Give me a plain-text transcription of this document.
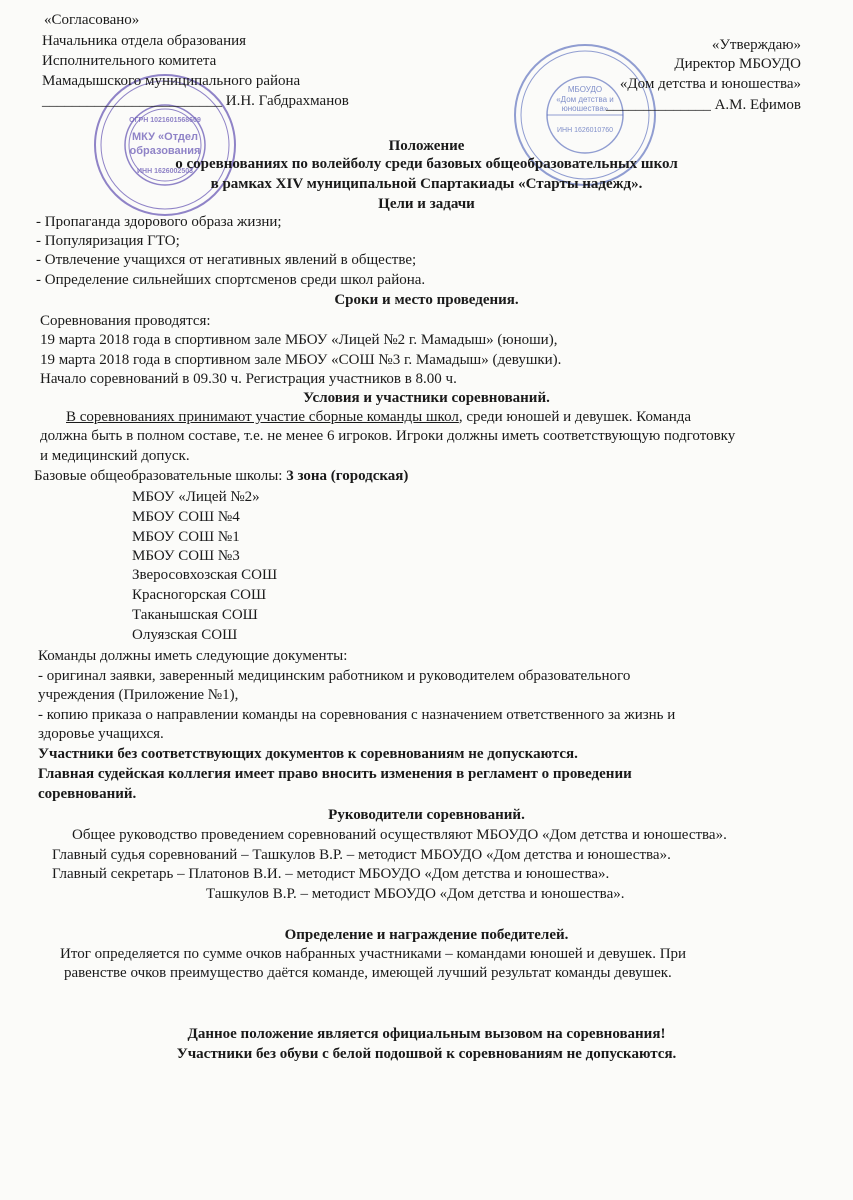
МКУ «Отдел
образования
ОГРН 1021601568609
ИНН 1626002503
МБОУДО
«Дом детства и
юношества»
ИНН 1626010760
«Согласовано»
Начальника отдела образования
Исполнительного комитета
Мамадышского муниципального района
________________________ И.Н. Габдрахманов
«Утверждаю»
Директор МБОУДО
«Дом детства и юношества»
______________ А.М. Ефимов
Положение
о соревнованиях по волейболу среди базовых общеобразовательных школ
в рамках XIV муниципальной Спартакиады «Старты надежд».
Цели и задачи
- Пропаганда здорового образа жизни;
- Популяризация ГТО;
- Отвлечение учащихся от негативных явлений в обществе;
- Определение сильнейших спортсменов среди школ района.
Сроки и место проведения.
Соревнования проводятся:
19 марта 2018 года в спортивном зале МБОУ «Лицей №2 г. Мамадыш» (юноши),
19 марта 2018 года в спортивном зале МБОУ «СОШ №3 г. Мамадыш» (девушки).
Начало соревнований в 09.30 ч. Регистрация участников в 8.00 ч.
Условия и участники соревнований.
В соревнованиях принимают участие сборные команды школ, среди юношей и девушек. Команда
должна быть в полном составе, т.е. не менее 6 игроков. Игроки должны иметь соответствующую подготовку
и медицинский допуск.
Базовые общеобразовательные школы: 3 зона (городская)
МБОУ «Лицей №2»
МБОУ СОШ №4
МБОУ СОШ №1
МБОУ СОШ №3
Зверосовхозская СОШ
Красногорская СОШ
Таканышская СОШ
Олуязская СОШ
Команды должны иметь следующие документы:
- оригинал заявки, заверенный медицинским работником и руководителем образовательного
учреждения (Приложение №1),
- копию приказа о направлении команды на соревнования с назначением ответственного за жизнь и
здоровье учащихся.
Участники без соответствующих документов к соревнованиям не допускаются.
Главная судейская коллегия имеет право вносить изменения в регламент о проведении
соревнований.
Руководители соревнований.
Общее руководство проведением соревнований осуществляют МБОУДО «Дом детства и юношества».
Главный судья соревнований – Ташкулов В.Р. – методист МБОУДО «Дом детства и юношества».
Главный секретарь – Платонов В.И. – методист МБОУДО «Дом детства и юношества».
Ташкулов В.Р. – методист МБОУДО «Дом детства и юношества».
Определение и награждение победителей.
Итог определяется по сумме очков набранных участниками – командами юношей и девушек. При
равенстве очков преимущество даётся команде, имеющей лучший результат команды девушек.
Данное положение является официальным вызовом на соревнования!
Участники без обуви с белой подошвой к соревнованиям не допускаются.
